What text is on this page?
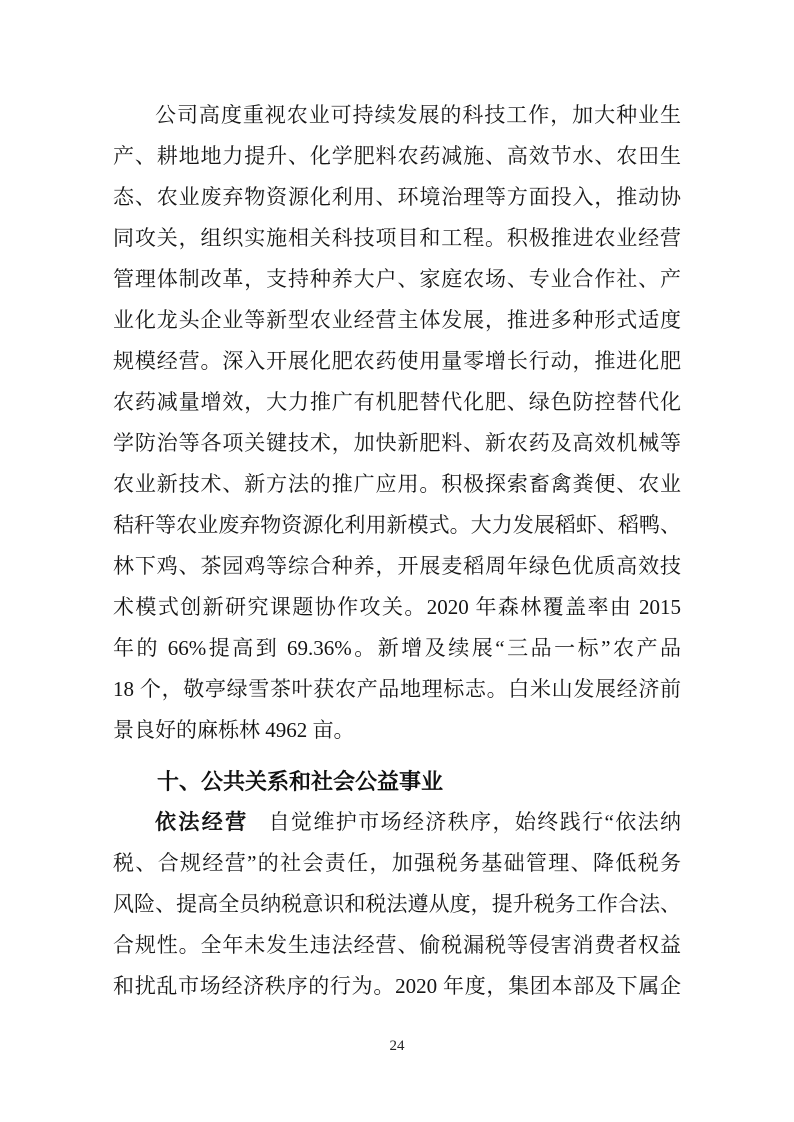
公司高度重视农业可持续发展的科技工作，加大种业生
产、耕地地力提升、化学肥料农药减施、高效节水、农田生
态、农业废弃物资源化利用、环境治理等方面投入，推动协
同攻关，组织实施相关科技项目和工程。积极推进农业经营
管理体制改革，支持种养大户、家庭农场、专业合作社、产
业化龙头企业等新型农业经营主体发展，推进多种形式适度
规模经营。深入开展化肥农药使用量零增长行动，推进化肥
农药减量增效，大力推广有机肥替代化肥、绿色防控替代化
学防治等各项关键技术，加快新肥料、新农药及高效机械等
农业新技术、新方法的推广应用。积极探索畜禽粪便、农业
秸秆等农业废弃物资源化利用新模式。大力发展稻虾、稻鸭、
林下鸡、茶园鸡等综合种养，开展麦稻周年绿色优质高效技
术模式创新研究课题协作攻关。2020 年森林覆盖率由 2015
年的 66%提高到 69.36%。新增及续展“三品一标”农产品
18 个，敬亭绿雪茶叶获农产品地理标志。白米山发展经济前
景良好的麻栎林 4962 亩。
十、公共关系和社会公益事业
依法经营 自觉维护市场经济秩序，始终践行“依法纳
税、合规经营”的社会责任，加强税务基础管理、降低税务
风险、提高全员纳税意识和税法遵从度，提升税务工作合法、
合规性。全年未发生违法经营、偷税漏税等侵害消费者权益
和扰乱市场经济秩序的行为。2020 年度，集团本部及下属企
24
